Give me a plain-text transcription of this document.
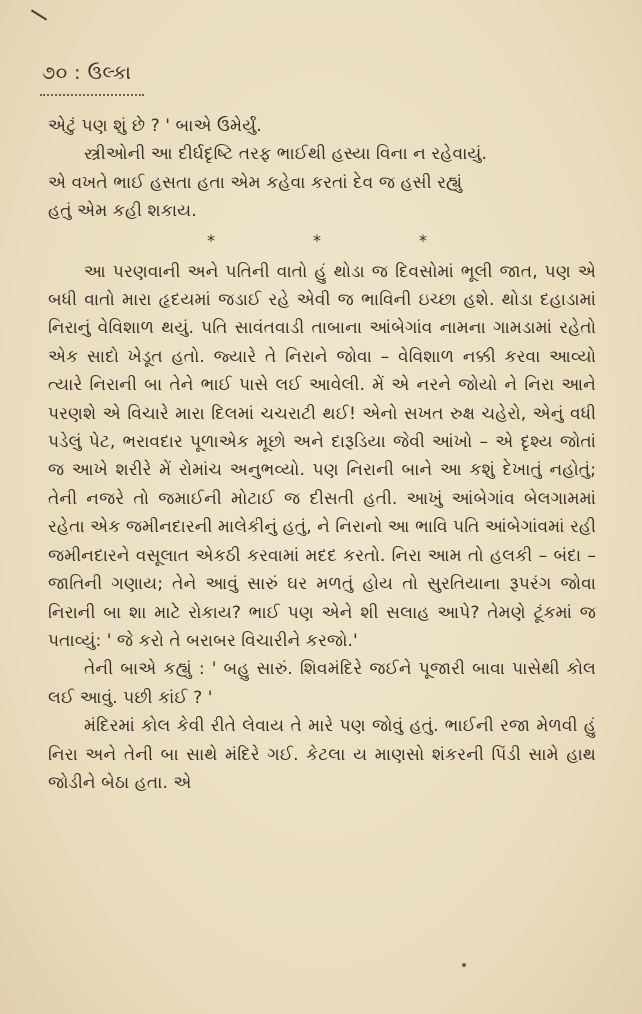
૭૦ : ઉલ્કા

એટું પણ શું છે ? ' બાએ ઉમેર્યું.

સ્ત્રીઓની આ દીર્ઘદૃષ્ટિ તરફ ભાઈથી હસ્યા વિના ન રહેવાયું.

એ વખતે ભાઈ હસતા હતા એમ કહેવા કરતાં દેવ જ હસી રહ્યું

હતું એમ કહી શકાય.

*	*	*

આ પરણવાની અને પતિની વાતો હું થોડા જ દિવસોમાં ભૂલી જાત, પણ એ બધી વાતો મારા હૃદયમાં જડાઈ રહે એવી જ ભાવિની ઇચ્છા હશે. થોડા દહાડામાં નિરાનું વેવિશાળ થયું. પતિ સાવંતવાડી તાબાના આંબેગાંવ નામના ગામડામાં રહેતો એક સાદો ખેડૂત હતો. જ્યારે તે નિરાને જોવા – વેવિશાળ નક્કી કરવા આવ્યો ત્યારે નિરાની બા તેને ભાઈ પાસે લઈ આવેલી. મેં એ નરને જોયો ને નિરા આને પરણશે એ વિચારે મારા દિલમાં ચચરાટી થઈ! એનો સખત રુક્ષ ચહેરો, એનું વધી પડેલું પેટ, ભરાવદાર પૂળાએક મૂછો અને દારૂડિયા જેવી આંખો – એ દૃશ્ય જોતાં જ આખે શરીરે મેં રોમાંચ અનુભવ્યો. પણ નિરાની બાને આ કશું દેખાતું નહોતું; તેની નજરે તો જમાઈની મોટાઈ જ દીસતી હતી. આખું આંબેગાંવ બેલગામમાં રહેતા એક જમીનદારની માલેકીનું હતું, ને નિરાનો આ ભાવિ પતિ આંબેગાંવમાં રહી જમીનદારને વસૂલાત એકઠી કરવામાં મદદ કરતો. નિરા આમ તો હલકી – બંદા – જાતિની ગણાય; તેને આવું સારું ઘર મળતું હોય તો સુરતિયાના રૂપરંગ જોવા નિરાની બા શા માટે રોકાય? ભાઈ પણ એને શી સલાહ આપે? તેમણે ટૂંકમાં જ પતાવ્યું: ' જે કરો તે બરાબર વિચારીને કરજો.'

તેની બાએ કહ્યું : ' બહુ સારું. શિવમંદિરે જઈને પૂજારી બાવા પાસેથી કોલ લઈ આવું. પછી કાંઈ ? '

મંદિરમાં કોલ કેવી રીતે લેવાય તે મારે પણ જોવું હતું. ભાઈની રજા મેળવી હું નિરા અને તેની બા સાથે મંદિરે ગઈ. કેટલા ય માણસો શંકરની પિંડી સામે હાથ જોડીને બેઠા હતા. એ
